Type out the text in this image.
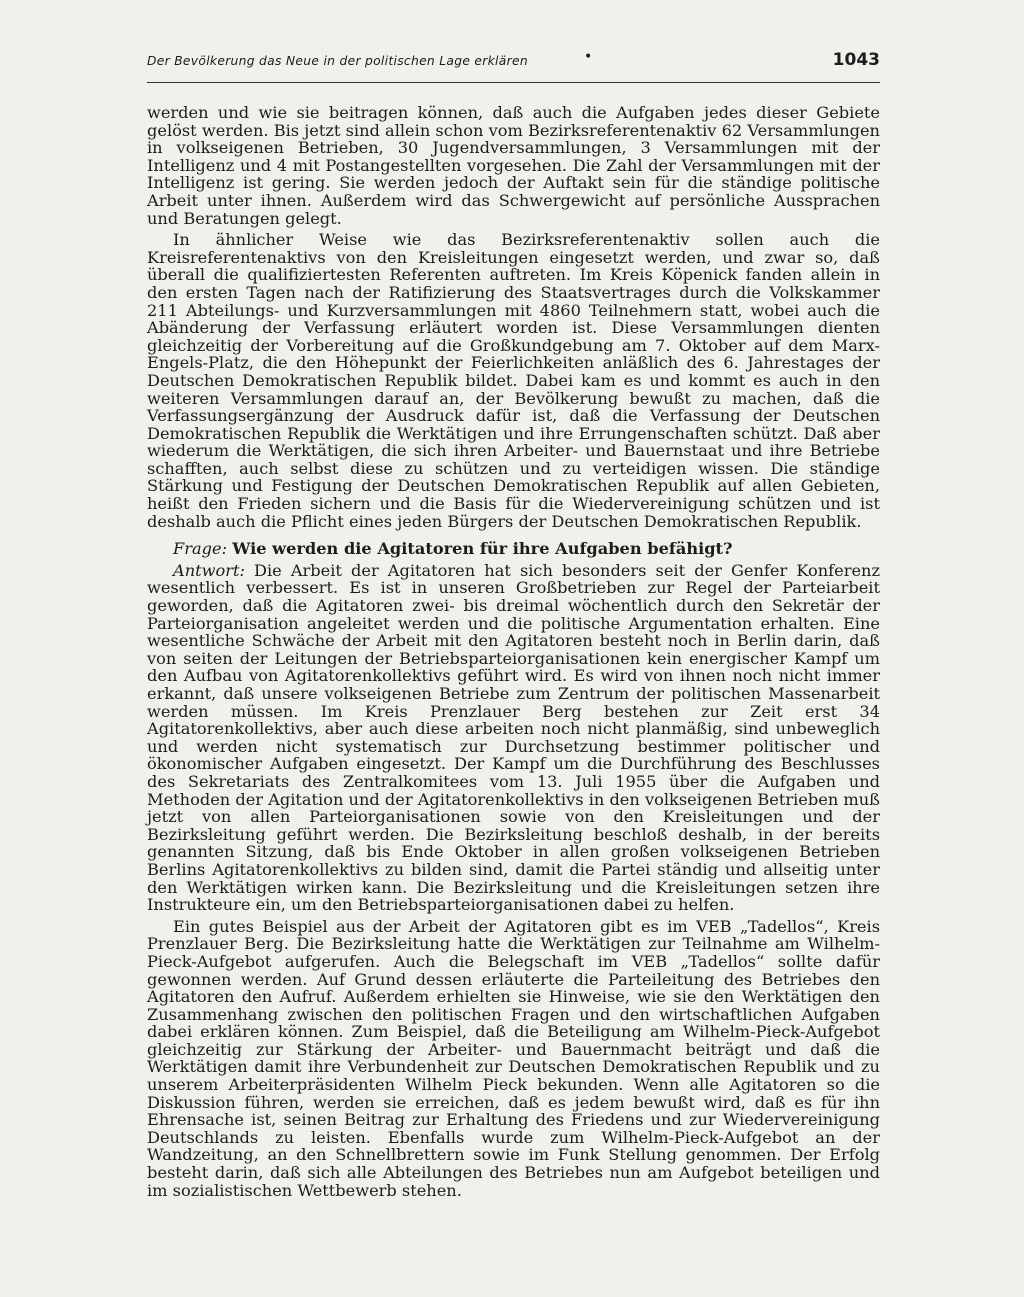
Der Bevölkerung das Neue in der politischen Lage erklären	•	1043

werden und wie sie beitragen können, daß auch die Aufgaben jedes dieser Gebiete gelöst werden. Bis jetzt sind allein schon vom Bezirksreferentenaktiv 62 Versammlungen in volkseigenen Betrieben, 30 Jugendversammlungen, 3 Versammlungen mit der Intelligenz und 4 mit Postangestellten vorgesehen. Die Zahl der Versammlungen mit der Intelligenz ist gering. Sie werden jedoch der Auftakt sein für die ständige politische Arbeit unter ihnen. Außerdem wird das Schwergewicht auf persönliche Aussprachen und Beratungen gelegt.

In ähnlicher Weise wie das Bezirksreferentenaktiv sollen auch die Kreisreferentenaktivs von den Kreisleitungen eingesetzt werden, und zwar so, daß überall die qualifiziertesten Referenten auftreten. Im Kreis Köpenick fanden allein in den ersten Tagen nach der Ratifizierung des Staatsvertrages durch die Volkskammer 211 Abteilungs- und Kurzversammlungen mit 4860 Teilnehmern statt, wobei auch die Abänderung der Verfassung erläutert worden ist. Diese Versammlungen dienten gleichzeitig der Vorbereitung auf die Großkundgebung am 7. Oktober auf dem Marx-Engels-Platz, die den Höhepunkt der Feierlichkeiten anläßlich des 6. Jahrestages der Deutschen Demokratischen Republik bildet. Dabei kam es und kommt es auch in den weiteren Versammlungen darauf an, der Bevölkerung bewußt zu machen, daß die Verfassungsergänzung der Ausdruck dafür ist, daß die Verfassung der Deutschen Demokratischen Republik die Werktätigen und ihre Errungenschaften schützt. Daß aber wiederum die Werktätigen, die sich ihren Arbeiter- und Bauernstaat und ihre Betriebe schafften, auch selbst diese zu schützen und zu verteidigen wissen. Die ständige Stärkung und Festigung der Deutschen Demokratischen Republik auf allen Gebieten, heißt den Frieden sichern und die Basis für die Wiedervereinigung schützen und ist deshalb auch die Pflicht eines jeden Bürgers der Deutschen Demokratischen Republik.

Frage: Wie werden die Agitatoren für ihre Aufgaben befähigt?

Antwort: Die Arbeit der Agitatoren hat sich besonders seit der Genfer Konferenz wesentlich verbessert. Es ist in unseren Großbetrieben zur Regel der Parteiarbeit geworden, daß die Agitatoren zwei- bis dreimal wöchentlich durch den Sekretär der Parteiorganisation angeleitet werden und die politische Argumentation erhalten. Eine wesentliche Schwäche der Arbeit mit den Agitatoren besteht noch in Berlin darin, daß von seiten der Leitungen der Betriebsparteiorganisationen kein energischer Kampf um den Aufbau von Agitatorenkollektivs geführt wird. Es wird von ihnen noch nicht immer erkannt, daß unsere volkseigenen Betriebe zum Zentrum der politischen Massenarbeit werden müssen. Im Kreis Prenzlauer Berg bestehen zur Zeit erst 34 Agitatorenkollektivs, aber auch diese arbeiten noch nicht planmäßig, sind unbeweglich und werden nicht systematisch zur Durchsetzung bestimmer politischer und ökonomischer Aufgaben eingesetzt. Der Kampf um die Durchführung des Beschlusses des Sekretariats des Zentralkomitees vom 13. Juli 1955 über die Aufgaben und Methoden der Agitation und der Agitatorenkollektivs in den volkseigenen Betrieben muß jetzt von allen Parteiorganisationen sowie von den Kreisleitungen und der Bezirksleitung geführt werden. Die Bezirksleitung beschloß deshalb, in der bereits genannten Sitzung, daß bis Ende Oktober in allen großen volkseigenen Betrieben Berlins Agitatorenkollektivs zu bilden sind, damit die Partei ständig und allseitig unter den Werktätigen wirken kann. Die Bezirksleitung und die Kreisleitungen setzen ihre Instrukteure ein, um den Betriebsparteiorganisationen dabei zu helfen.

Ein gutes Beispiel aus der Arbeit der Agitatoren gibt es im VEB „Tadellos“, Kreis Prenzlauer Berg. Die Bezirksleitung hatte die Werktätigen zur Teilnahme am Wilhelm-Pieck-Aufgebot aufgerufen. Auch die Belegschaft im VEB „Tadellos“ sollte dafür gewonnen werden. Auf Grund dessen erläuterte die Parteileitung des Betriebes den Agitatoren den Aufruf. Außerdem erhielten sie Hinweise, wie sie den Werktätigen den Zusammenhang zwischen den politischen Fragen und den wirtschaftlichen Aufgaben dabei erklären können. Zum Beispiel, daß die Beteiligung am Wilhelm-Pieck-Aufgebot gleichzeitig zur Stärkung der Arbeiter- und Bauernmacht beiträgt und daß die Werktätigen damit ihre Verbundenheit zur Deutschen Demokratischen Republik und zu unserem Arbeiterpräsidenten Wilhelm Pieck bekunden. Wenn alle Agitatoren so die Diskussion führen, werden sie erreichen, daß es jedem bewußt wird, daß es für ihn Ehrensache ist, seinen Beitrag zur Erhaltung des Friedens und zur Wiedervereinigung Deutschlands zu leisten. Ebenfalls wurde zum Wilhelm-Pieck-Aufgebot an der Wandzeitung, an den Schnellbrettern sowie im Funk Stellung genommen. Der Erfolg besteht darin, daß sich alle Abteilungen des Betriebes nun am Aufgebot beteiligen und im sozialistischen Wettbewerb stehen.
